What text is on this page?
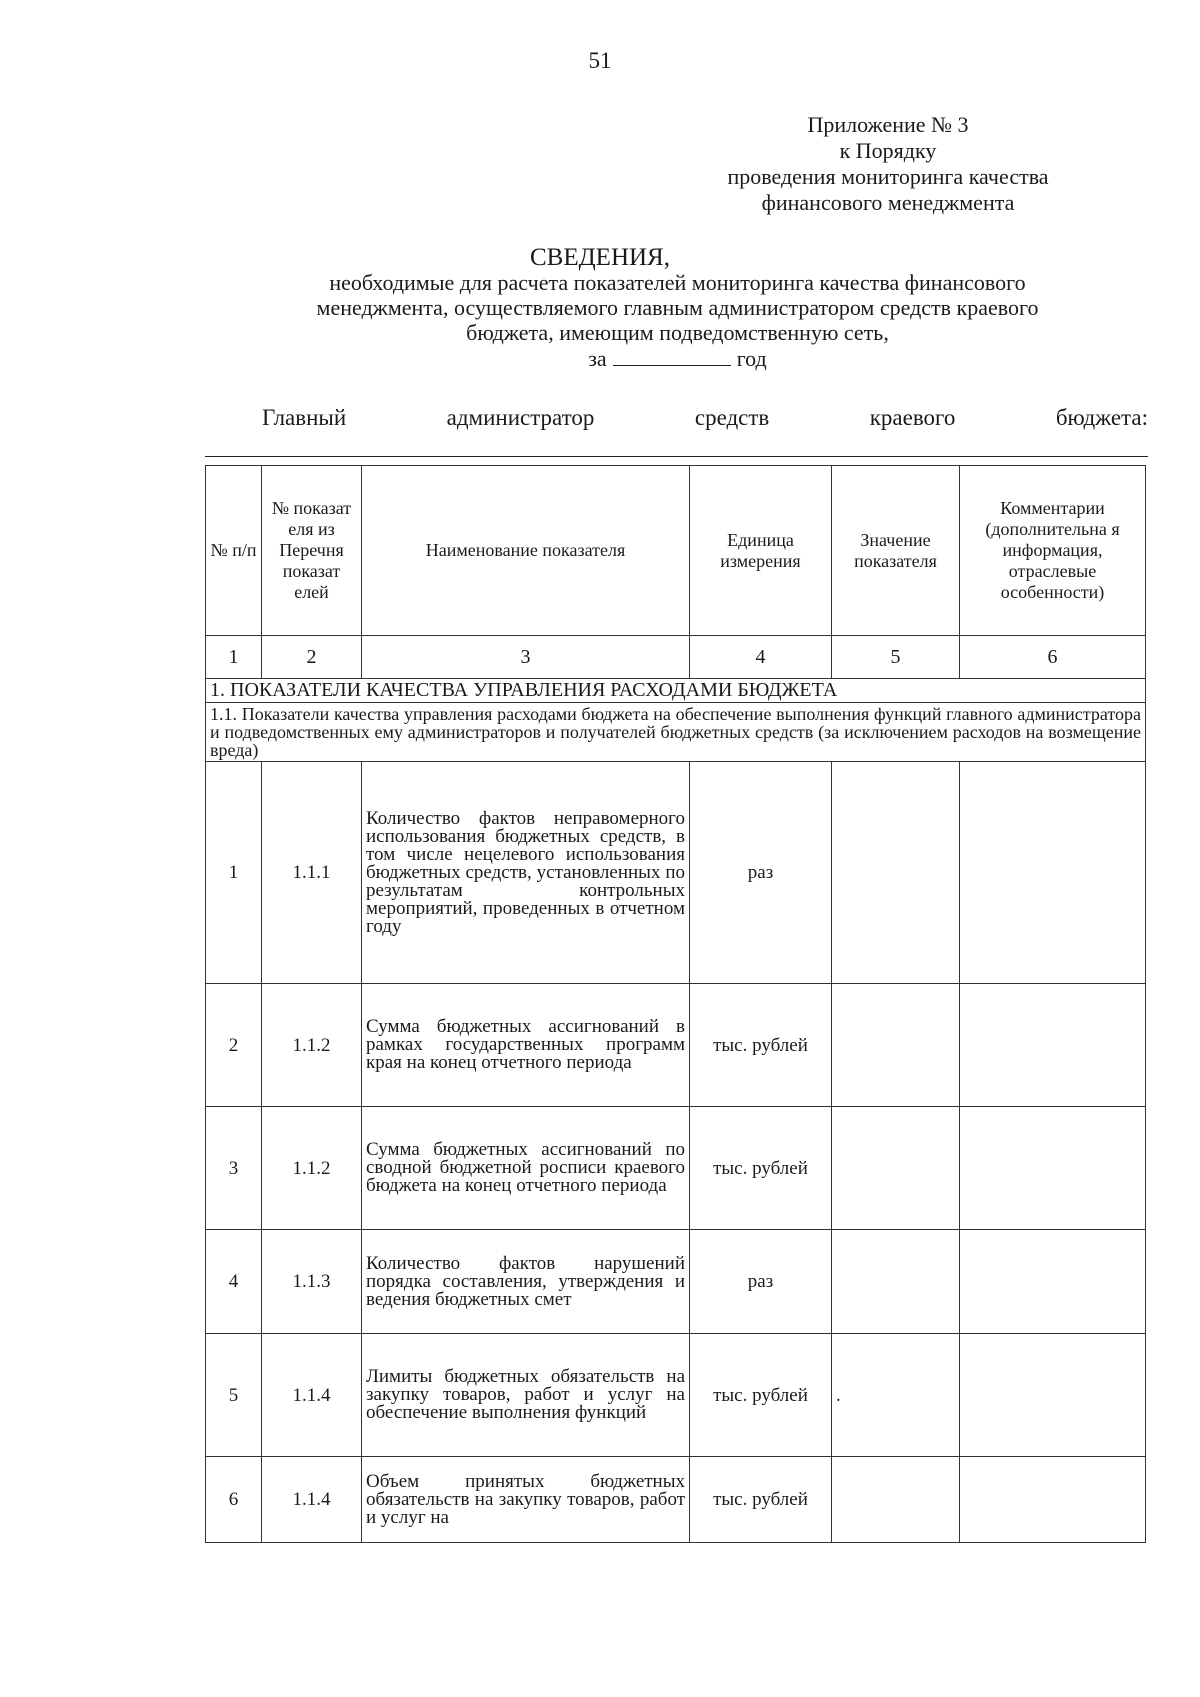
51
Приложение № 3
к Порядку
проведения мониторинга качества
финансового менеджмента
СВЕДЕНИЯ,
необходимые для расчета показателей мониторинга качества финансового
менеджмента, осуществляемого главным администратором средств краевого
бюджета, имеющим подведомственную сеть,
за	год
Главный	администратор	средств	краевого	бюджета:
№ п/п	№ показат еля из Перечня показат елей	Наименование показателя	Единица измерения	Значение показателя	Комментарии (дополнительна я информация, отраслевые особенности)
1	2	3	4	5	6
1. ПОКАЗАТЕЛИ КАЧЕСТВА УПРАВЛЕНИЯ РАСХОДАМИ БЮДЖЕТА					
1.1. Показатели качества управления расходами бюджета на обеспечение выполнения функций главного администратора и подведомственных ему администраторов и получателей бюджетных средств (за исключением расходов на возмещение вреда)					
1	1.1.1	Количество фактов неправомерного использования бюджетных средств, в том числе нецелевого использования бюджетных средств, установленных по результатам контрольных мероприятий, проведенных в отчетном году	раз		
2	1.1.2	Сумма бюджетных ассигнований в рамках государственных программ края на конец отчетного периода	тыс. рублей		
3	1.1.2	Сумма бюджетных ассигнований по сводной бюджетной росписи краевого бюджета на конец отчетного периода	тыс. рублей		
4	1.1.3	Количество фактов нарушений порядка составления, утверждения и ведения бюджетных смет	раз		
5	1.1.4	Лимиты бюджетных обязательств на закупку товаров, работ и услуг на обеспечение выполнения функций	тыс. рублей	.	
6	1.1.4	Объем принятых бюджетных обязательств на закупку товаров, работ и услуг на	тыс. рублей		
